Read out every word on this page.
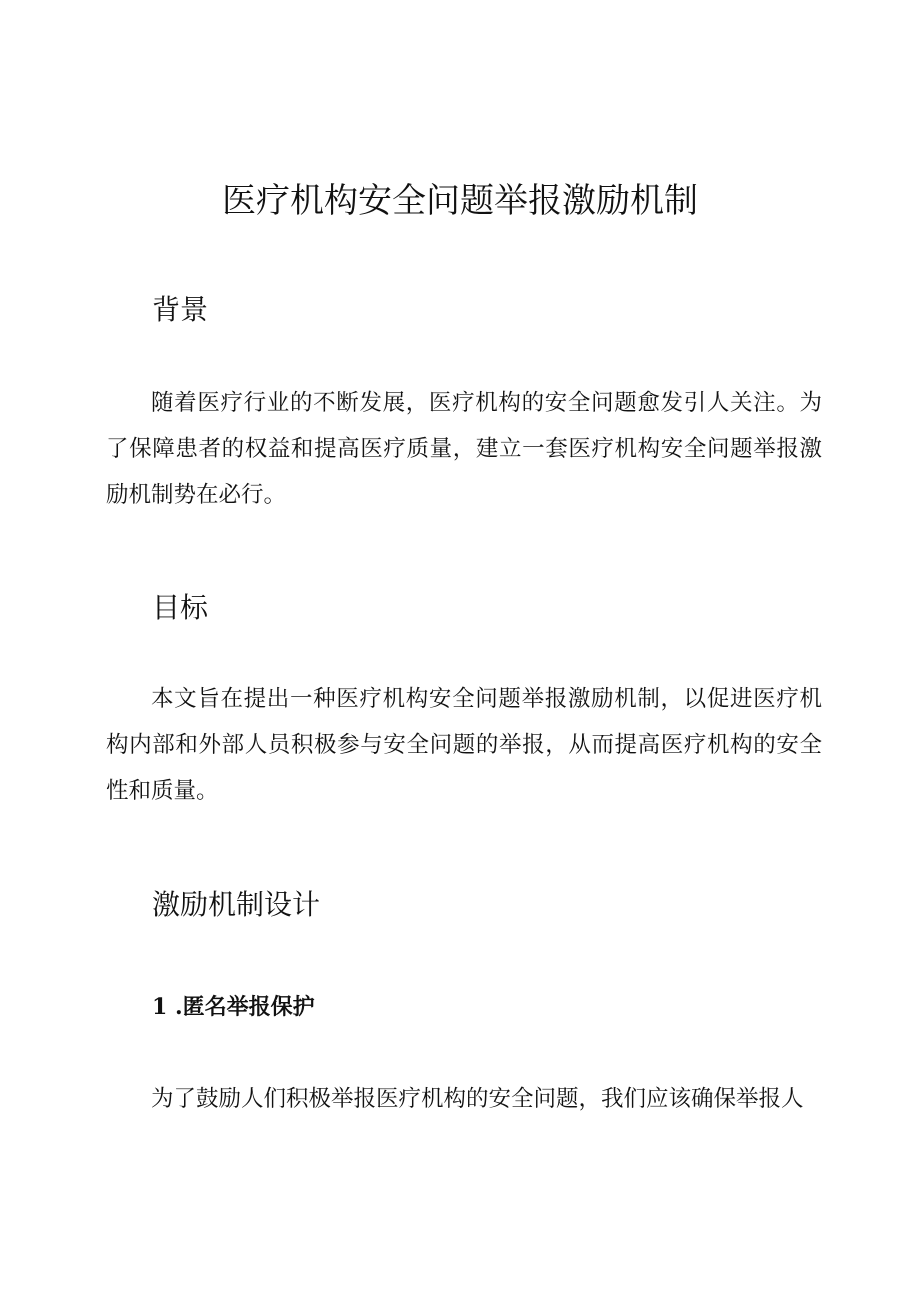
医疗机构安全问题举报激励机制
背景

随着医疗行业的不断发展，医疗机构的安全问题愈发引人关注。为了保障患者的权益和提高医疗质量，建立一套医疗机构安全问题举报激励机制势在必行。

目标

本文旨在提出一种医疗机构安全问题举报激励机制，以促进医疗机构内部和外部人员积极参与安全问题的举报，从而提高医疗机构的安全性和质量。

激励机制设计
1 .匿名举报保护

为了鼓励人们积极举报医疗机构的安全问题，我们应该确保举报人
